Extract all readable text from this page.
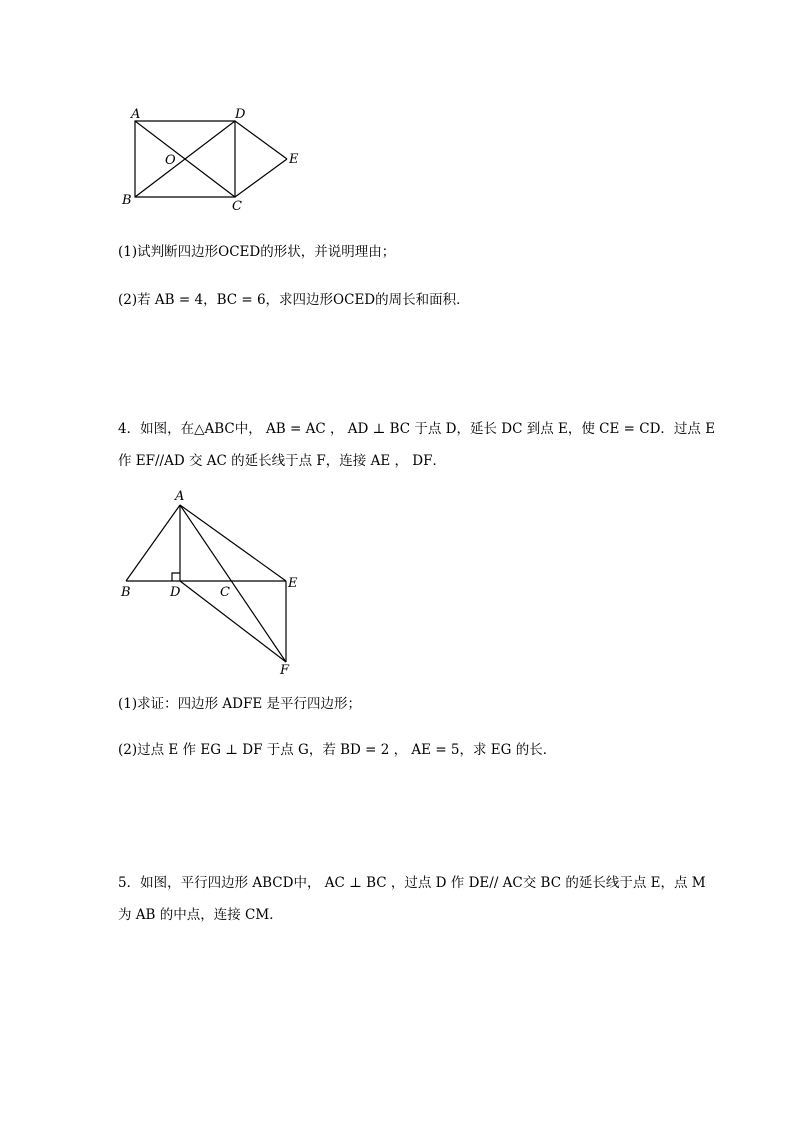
A	D
O	E
B	C
(1)试判断四边形OCED的形状，并说明理由；
(2)若 AB = 4，BC = 6，求四边形OCED的周长和面积．
4．如图，在△ABC中， AB = AC ， AD ⊥ BC 于点 D，延长 DC 到点 E，使 CE = CD．过点 E
作 EF//AD 交 AC 的延长线于点 F，连接 AE ， DF．
A
B	D	C
E
F
(1)求证：四边形 ADFE 是平行四边形；
(2)过点 E 作 EG ⊥ DF 于点 G，若 BD = 2 ， AE = 5，求 EG 的长．
5．如图，平行四边形 ABCD中， AC ⊥ BC ，过点 D 作 DE// AC交 BC 的延长线于点 E，点 M
为 AB 的中点，连接 CM．
